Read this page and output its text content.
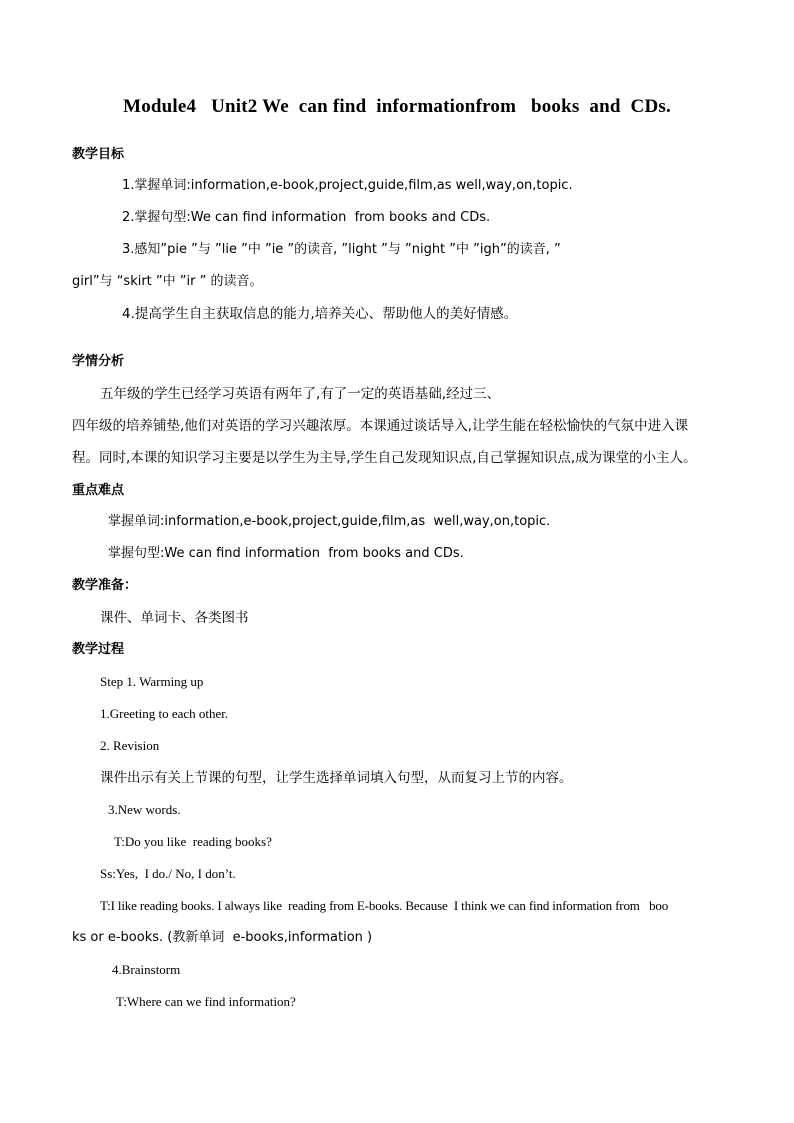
Module4   Unit2 We  can find  informationfrom   books  and  CDs.
教学目标
1.掌握单词:information,e-book,project,guide,film,as well,way,on,topic.
2.掌握句型:We can find information  from books and CDs.
3.感知”pie ”与 ”lie ”中 ”ie ”的读音, ”light ”与 ”night ”中 ”igh”的读音, ”
girl”与 “skirt ”中 ”ir ” 的读音。
4.提高学生自主获取信息的能力,培养关心、帮助他人的美好情感。
学情分析
五年级的学生已经学习英语有两年了,有了一定的英语基础,经过三、
四年级的培养铺垫,他们对英语的学习兴趣浓厚。本课通过谈话导入,让学生能在轻松愉快的气氛中进入课
程。同时,本课的知识学习主要是以学生为主导,学生自己发现知识点,自己掌握知识点,成为课堂的小主人。
重点难点
掌握单词:information,e-book,project,guide,film,as  well,way,on,topic.
掌握句型:We can find information  from books and CDs.
教学准备：
课件、单词卡、各类图书
教学过程
Step 1. Warming up
1.Greeting to each other.
2. Revision
课件出示有关上节课的句型，让学生选择单词填入句型，从而复习上节的内容。
3.New words.
T:Do you like  reading books?
Ss:Yes,  I do./ No, I don’t.
T:I like reading books. I always like  reading from E-books. Because  I think we can find information from   boo
ks or e-books. (教新单词  e-books,information )
4.Brainstorm
T:Where can we find information?
